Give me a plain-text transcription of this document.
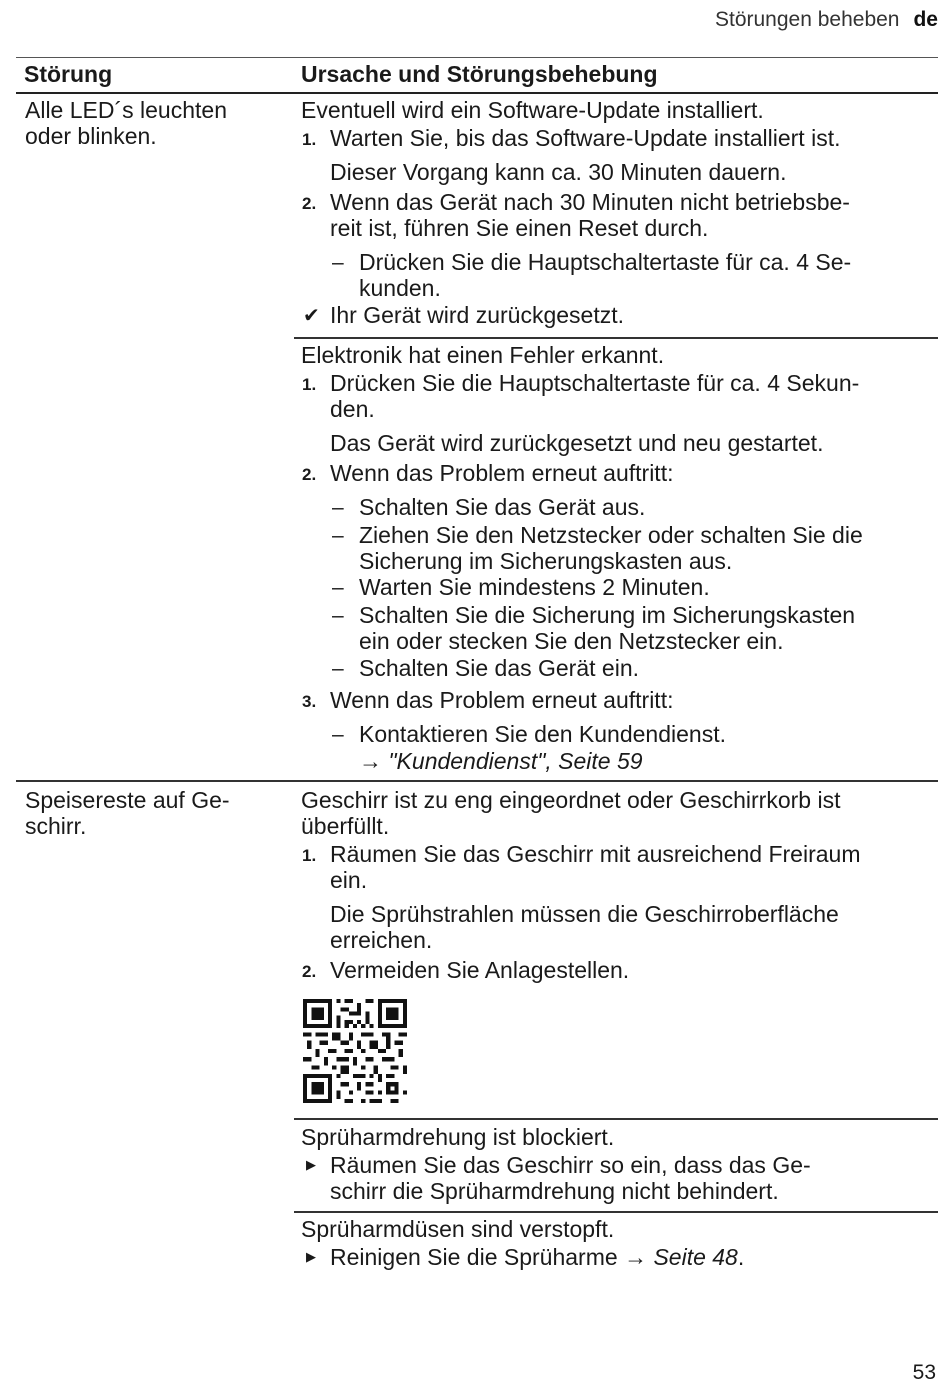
Störungen beheben de
Störung	Ursache und Störungsbehebung
Alle LED´s leuchten
oder blinken.
Eventuell wird ein Software-Update installiert.
1. Warten Sie, bis das Software-Update installiert ist.
Dieser Vorgang kann ca. 30 Minuten dauern.
2. Wenn das Gerät nach 30 Minuten nicht betriebsbe-
reit ist, führen Sie einen Reset durch.
– Drücken Sie die Hauptschaltertaste für ca. 4 Se-
kunden.
✔ Ihr Gerät wird zurückgesetzt.
Elektronik hat einen Fehler erkannt.
1. Drücken Sie die Hauptschaltertaste für ca. 4 Sekun-
den.
Das Gerät wird zurückgesetzt und neu gestartet.
2. Wenn das Problem erneut auftritt:
– Schalten Sie das Gerät aus.
– Ziehen Sie den Netzstecker oder schalten Sie die
Sicherung im Sicherungskasten aus.
– Warten Sie mindestens 2 Minuten.
– Schalten Sie die Sicherung im Sicherungskasten
ein oder stecken Sie den Netzstecker ein.
– Schalten Sie das Gerät ein.
3. Wenn das Problem erneut auftritt:
– Kontaktieren Sie den Kundendienst.
→ "Kundendienst", Seite 59
Speisereste auf Ge-
schirr.
Geschirr ist zu eng eingeordnet oder Geschirrkorb ist
überfüllt.
1. Räumen Sie das Geschirr mit ausreichend Freiraum
ein.
Die Sprühstrahlen müssen die Geschirroberfläche
erreichen.
2. Vermeiden Sie Anlagestellen.
Sprüharmdrehung ist blockiert.
▶ Räumen Sie das Geschirr so ein, dass das Ge-
schirr die Sprüharmdrehung nicht behindert.
Sprüharmdüsen sind verstopft.
▶ Reinigen Sie die Sprüharme → Seite 48.
53
